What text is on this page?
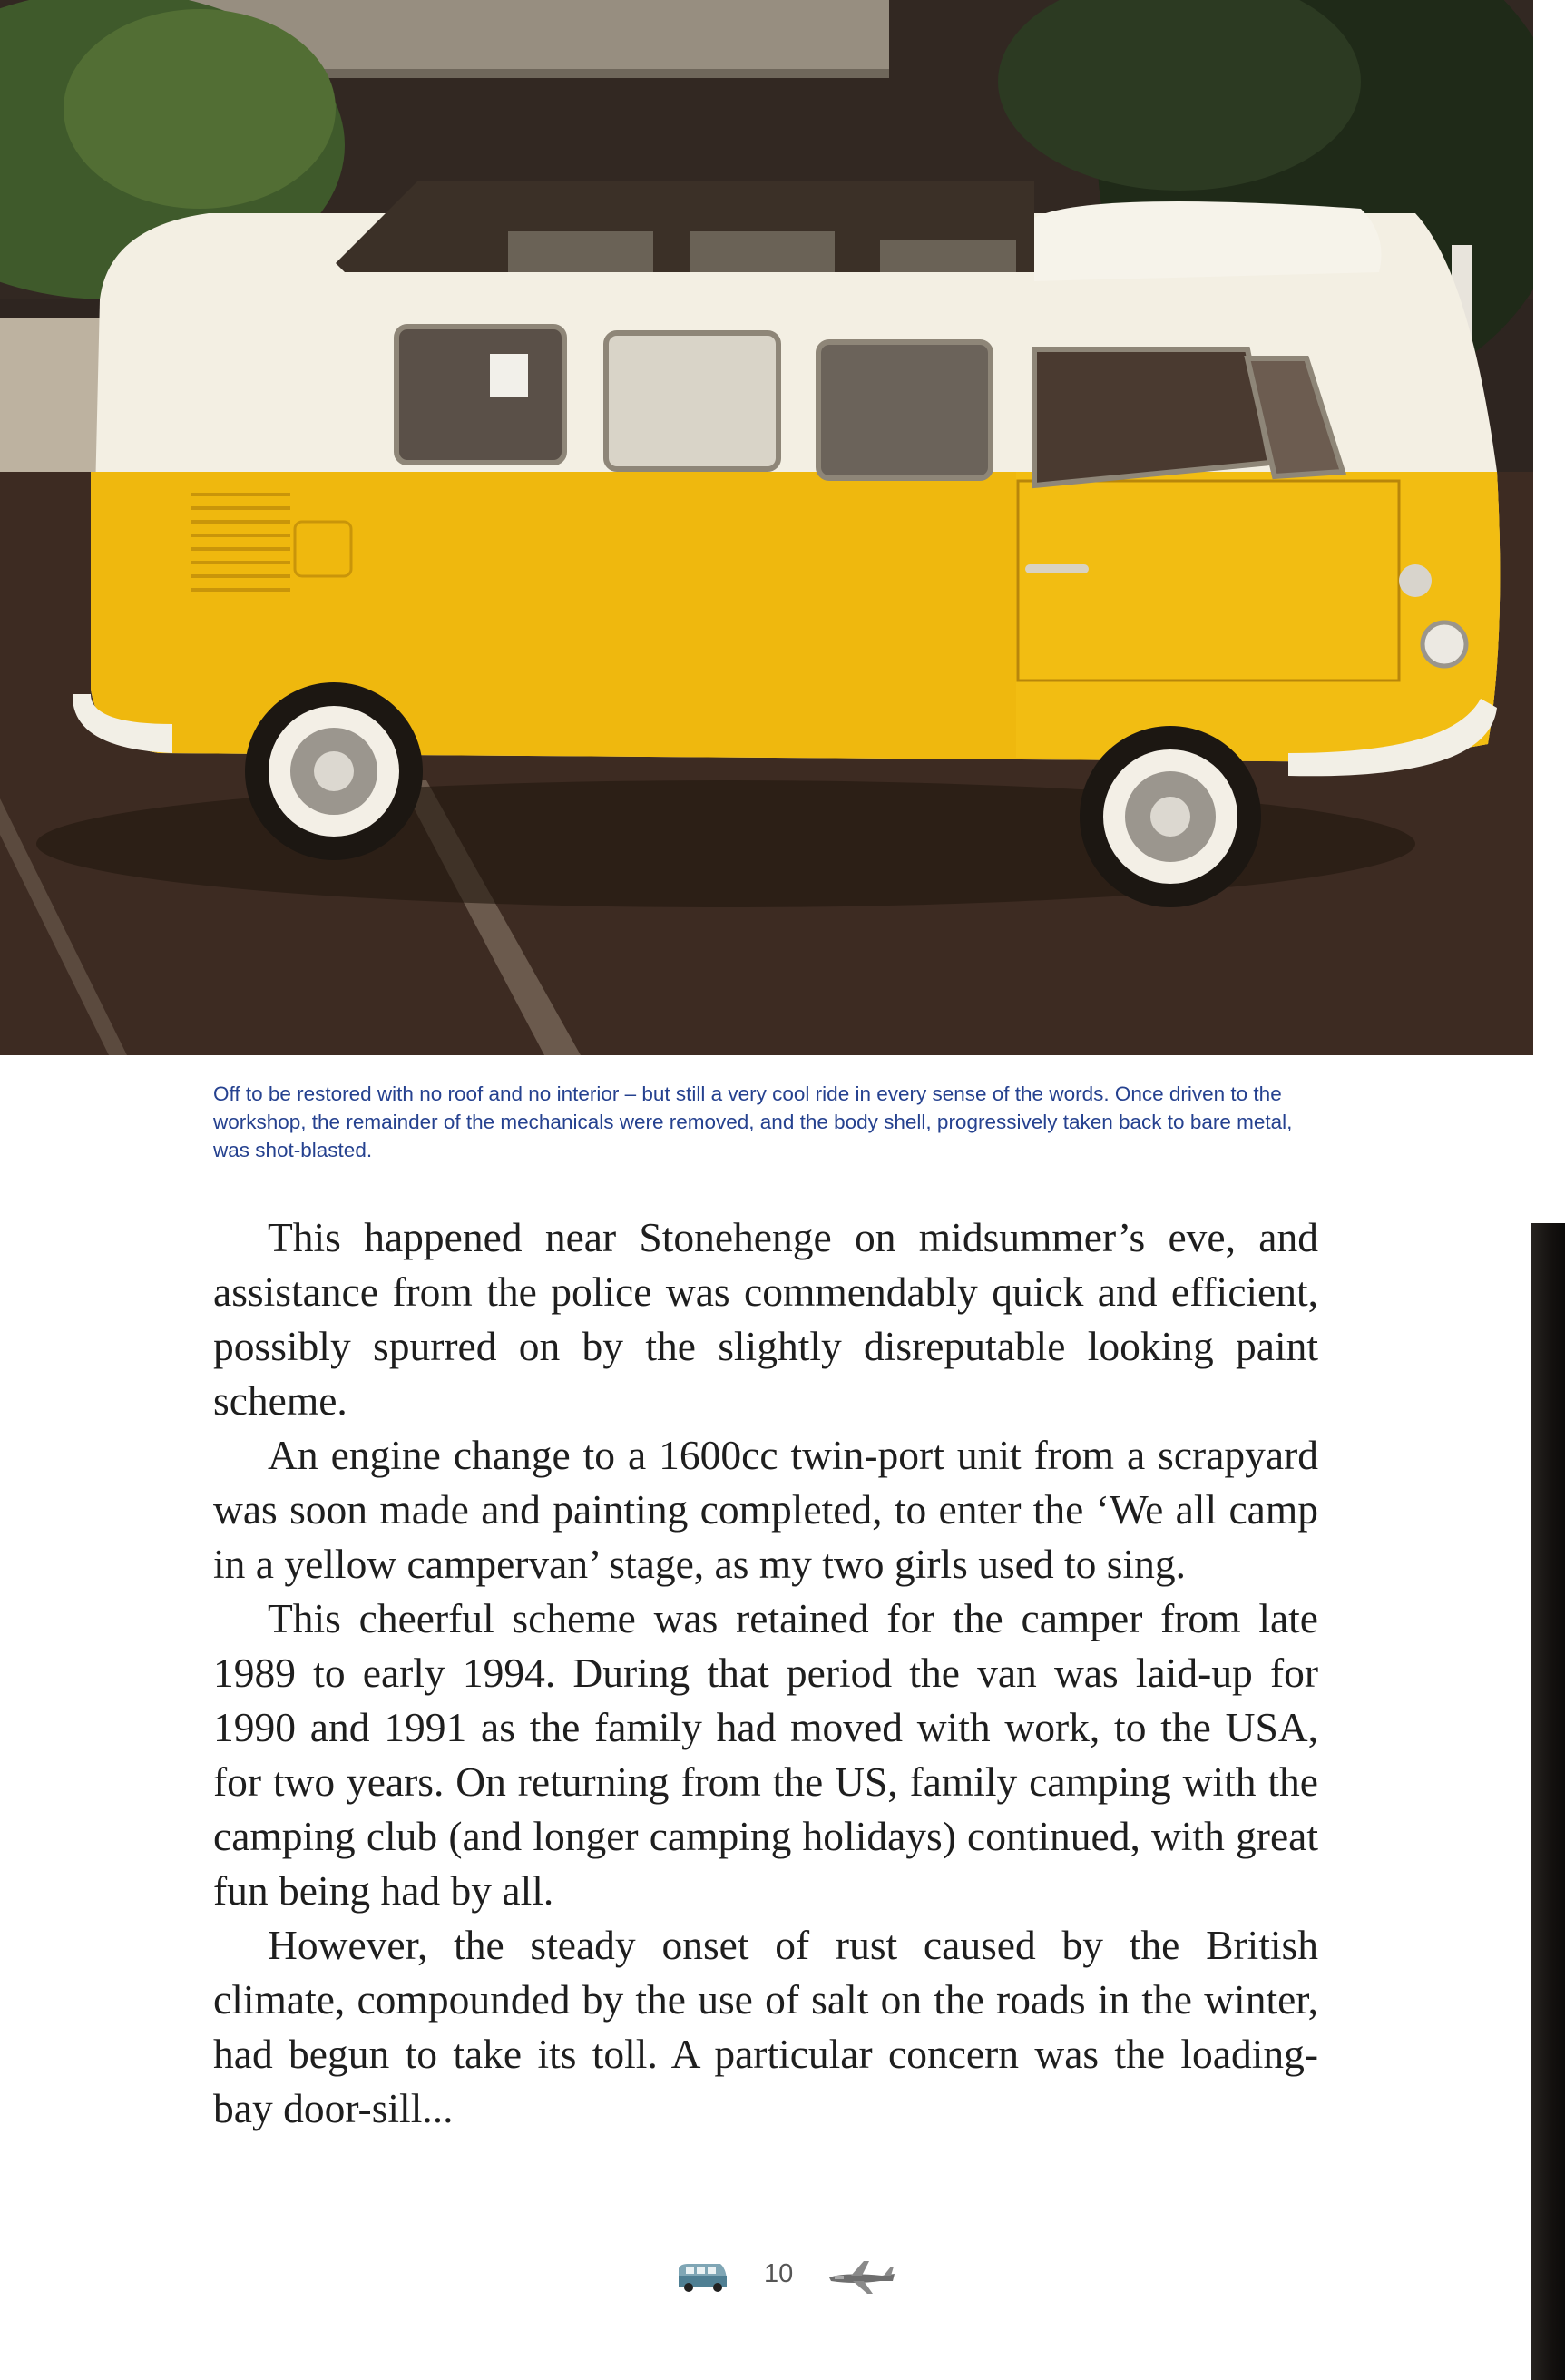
Off to be restored with no roof and no interior – but still a very cool ride in every sense of the words. Once driven to the workshop, the remainder of the mechanicals were removed, and the body shell, progressively taken back to bare metal, was shot-blasted.

This happened near Stonehenge on midsummer’s eve, and assistance from the police was commendably quick and efficient, possibly spurred on by the slightly disreputable looking paint scheme.

An engine change to a 1600cc twin-port unit from a scrapyard was soon made and painting completed, to enter the ‘We all camp in a yellow campervan’ stage, as my two girls used to sing.

This cheerful scheme was retained for the camper from late 1989 to early 1994. During that period the van was laid-up for 1990 and 1991 as the family had moved with work, to the USA, for two years. On returning from the US, family camping with the camping club (and longer camping holidays) continued, with great fun being had by all.

However, the steady onset of rust caused by the British climate, compounded by the use of salt on the roads in the winter, had begun to take its toll. A particular concern was the loading-bay door-sill...

10
